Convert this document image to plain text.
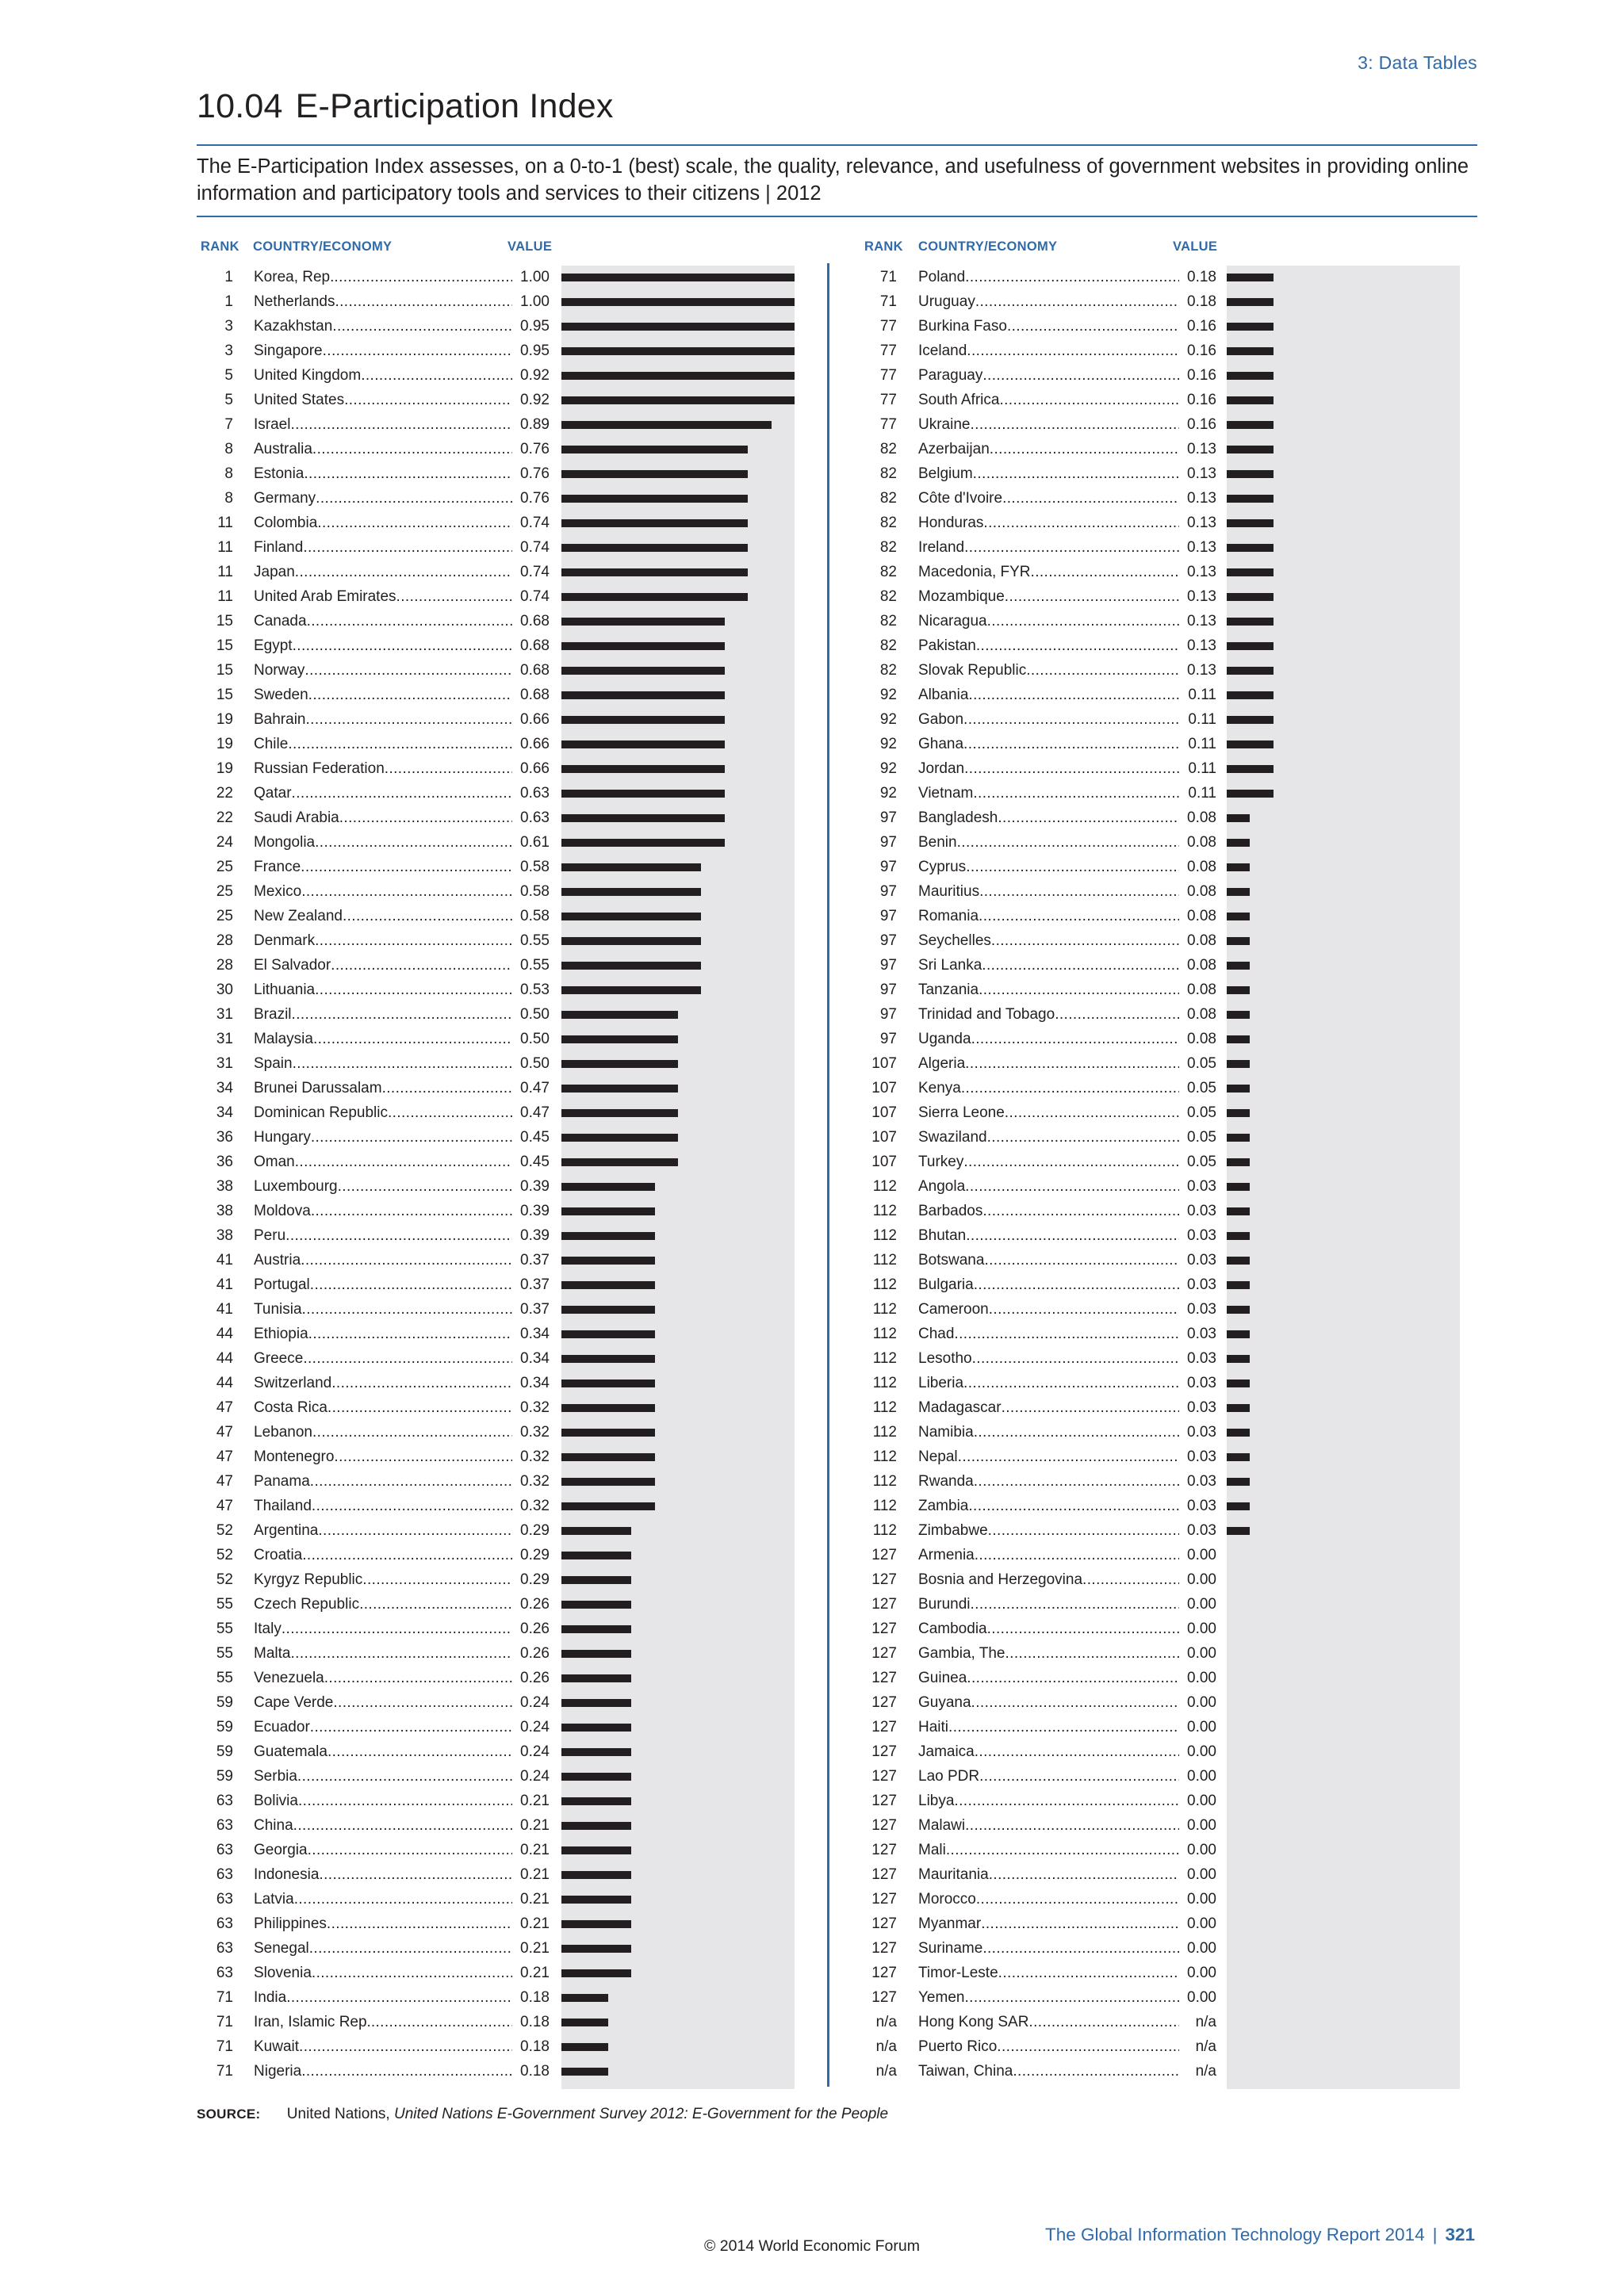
3: Data Tables
10.04 E-Participation Index
The E-Participation Index assesses, on a 0-to-1 (best) scale, the quality, relevance, and usefulness of government websites in providing online information and participatory tools and services to their citizens | 2012
RANK COUNTRY/ECONOMY	VALUE
1 Korea, Rep. .....	1.00
1 Netherlands .....	1.00
3 Kazakhstan .....	0.95
3 Singapore .....	0.95
5 United Kingdom .....	0.92
5 United States .....	0.92
7 Israel .....	0.89
8 Australia .....	0.76
8 Estonia .....	0.76
8 Germany .....	0.76
11 Colombia .....	0.74
11 Finland .....	0.74
11 Japan .....	0.74
11 United Arab Emirates .....	0.74
15 Canada .....	0.68
15 Egypt .....	0.68
15 Norway .....	0.68
15 Sweden .....	0.68
19 Bahrain .....	0.66
19 Chile .....	0.66
19 Russian Federation .....	0.66
22 Qatar .....	0.63
22 Saudi Arabia .....	0.63
24 Mongolia .....	0.61
25 France .....	0.58
25 Mexico .....	0.58
25 New Zealand .....	0.58
28 Denmark .....	0.55
28 El Salvador .....	0.55
30 Lithuania .....	0.53
31 Brazil .....	0.50
31 Malaysia .....	0.50
31 Spain .....	0.50
34 Brunei Darussalam .....	0.47
34 Dominican Republic .....	0.47
36 Hungary .....	0.45
36 Oman .....	0.45
38 Luxembourg .....	0.39
38 Moldova .....	0.39
38 Peru .....	0.39
41 Austria .....	0.37
41 Portugal .....	0.37
41 Tunisia .....	0.37
44 Ethiopia .....	0.34
44 Greece .....	0.34
44 Switzerland .....	0.34
47 Costa Rica .....	0.32
47 Lebanon .....	0.32
47 Montenegro .....	0.32
47 Panama .....	0.32
47 Thailand .....	0.32
52 Argentina .....	0.29
52 Croatia .....	0.29
52 Kyrgyz Republic .....	0.29
55 Czech Republic .....	0.26
55 Italy .....	0.26
55 Malta .....	0.26
55 Venezuela .....	0.26
59 Cape Verde .....	0.24
59 Ecuador .....	0.24
59 Guatemala .....	0.24
59 Serbia .....	0.24
63 Bolivia .....	0.21
63 China .....	0.21
63 Georgia .....	0.21
63 Indonesia .....	0.21
63 Latvia .....	0.21
63 Philippines .....	0.21
63 Senegal .....	0.21
63 Slovenia .....	0.21
71 India .....	0.18
71 Iran, Islamic Rep. .....	0.18
71 Kuwait .....	0.18
71 Nigeria .....	0.18
RANK COUNTRY/ECONOMY	VALUE
71 Poland .....	0.18
71 Uruguay .....	0.18
77 Burkina Faso .....	0.16
77 Iceland .....	0.16
77 Paraguay .....	0.16
77 South Africa .....	0.16
77 Ukraine .....	0.16
82 Azerbaijan .....	0.13
82 Belgium .....	0.13
82 Côte d'Ivoire .....	0.13
82 Honduras .....	0.13
82 Ireland .....	0.13
82 Macedonia, FYR .....	0.13
82 Mozambique .....	0.13
82 Nicaragua .....	0.13
82 Pakistan .....	0.13
82 Slovak Republic .....	0.13
92 Albania .....	0.11
92 Gabon .....	0.11
92 Ghana .....	0.11
92 Jordan .....	0.11
92 Vietnam .....	0.11
97 Bangladesh .....	0.08
97 Benin .....	0.08
97 Cyprus .....	0.08
97 Mauritius .....	0.08
97 Romania .....	0.08
97 Seychelles .....	0.08
97 Sri Lanka .....	0.08
97 Tanzania .....	0.08
97 Trinidad and Tobago .....	0.08
97 Uganda .....	0.08
107 Algeria .....	0.05
107 Kenya .....	0.05
107 Sierra Leone .....	0.05
107 Swaziland .....	0.05
107 Turkey .....	0.05
112 Angola .....	0.03
112 Barbados .....	0.03
112 Bhutan .....	0.03
112 Botswana .....	0.03
112 Bulgaria .....	0.03
112 Cameroon .....	0.03
112 Chad .....	0.03
112 Lesotho .....	0.03
112 Liberia .....	0.03
112 Madagascar .....	0.03
112 Namibia .....	0.03
112 Nepal .....	0.03
112 Rwanda .....	0.03
112 Zambia .....	0.03
112 Zimbabwe .....	0.03
127 Armenia .....	0.00
127 Bosnia and Herzegovina .....	0.00
127 Burundi .....	0.00
127 Cambodia .....	0.00
127 Gambia, The .....	0.00
127 Guinea .....	0.00
127 Guyana .....	0.00
127 Haiti .....	0.00
127 Jamaica .....	0.00
127 Lao PDR .....	0.00
127 Libya .....	0.00
127 Malawi .....	0.00
127 Mali .....	0.00
127 Mauritania .....	0.00
127 Morocco .....	0.00
127 Myanmar .....	0.00
127 Suriname .....	0.00
127 Timor-Leste .....	0.00
127 Yemen .....	0.00
n/a Hong Kong SAR .....	n/a
n/a Puerto Rico .....	n/a
n/a Taiwan, China .....	n/a
SOURCE: United Nations, United Nations E-Government Survey 2012: E-Government for the People
The Global Information Technology Report 2014 | 321
© 2014 World Economic Forum
